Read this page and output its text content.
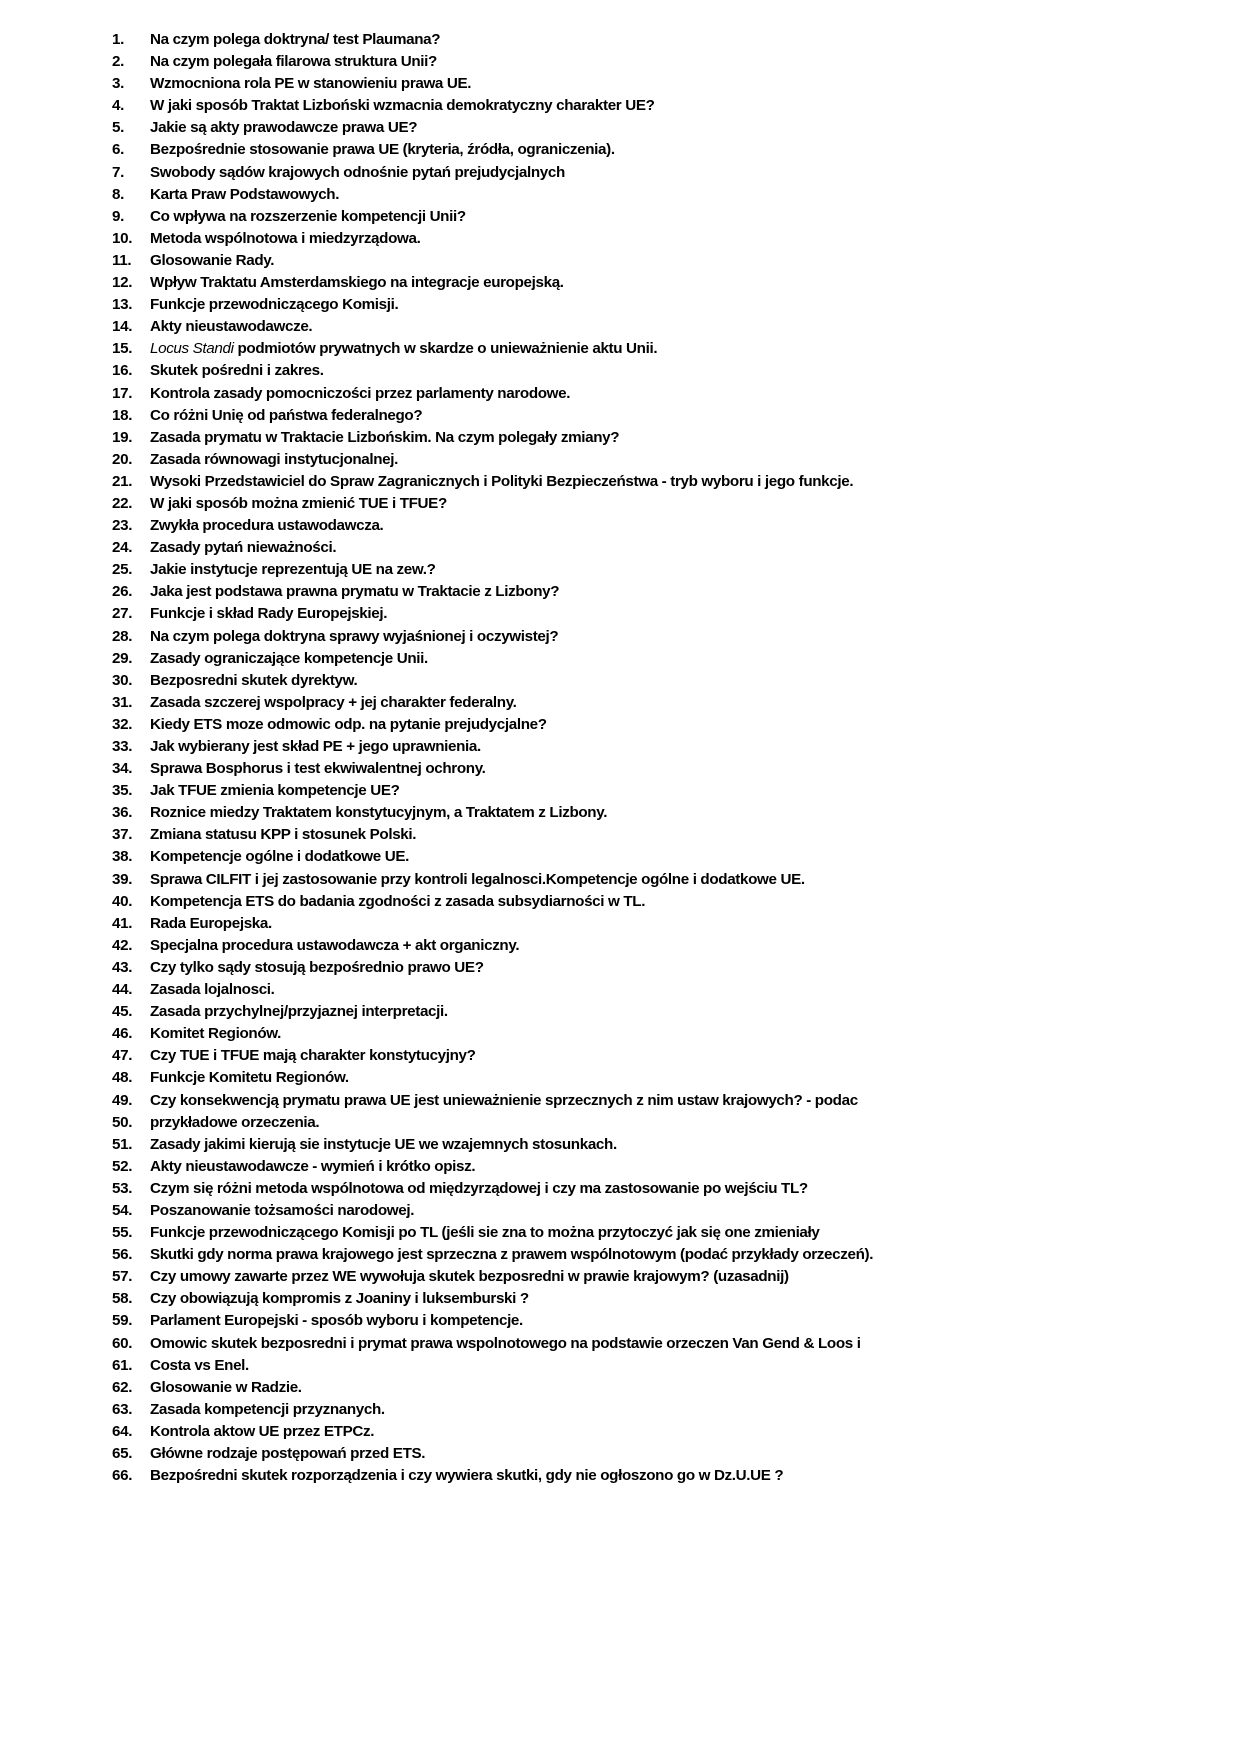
1.	Na czym polega doktryna/ test Plaumana?
2.	Na czym polegała filarowa struktura Unii?
3.	Wzmocniona rola PE w stanowieniu prawa UE.
4.	W jaki sposób Traktat Lizboński wzmacnia demokratyczny charakter UE?
5.	Jakie są akty prawodawcze prawa UE?
6.	Bezpośrednie stosowanie prawa UE (kryteria, źródła, ograniczenia).
7.	Swobody sądów krajowych odnośnie pytań prejudycjalnych
8.	Karta Praw Podstawowych.
9.	Co wpływa na rozszerzenie kompetencji Unii?
10.	Metoda wspólnotowa i miedzyrządowa.
11.	Glosowanie Rady.
12.	Wpływ Traktatu Amsterdamskiego na integracje europejską.
13.	Funkcje przewodniczącego Komisji.
14.	Akty nieustawodawcze.
15.	Locus Standi podmiotów prywatnych w skardze o unieważnienie aktu Unii.
16.	Skutek pośredni i zakres.
17.	Kontrola zasady pomocniczości przez parlamenty narodowe.
18.	Co różni Unię od państwa federalnego?
19.	Zasada prymatu w Traktacie Lizbońskim. Na czym polegały zmiany?
20.	Zasada równowagi instytucjonalnej.
21.	Wysoki Przedstawiciel do Spraw Zagranicznych i Polityki Bezpieczeństwa - tryb wyboru i jego funkcje.
22.	W jaki sposób można zmienić TUE i TFUE?
23.	Zwykła procedura ustawodawcza.
24.	Zasady pytań nieważności.
25.	Jakie instytucje reprezentują UE na zew.?
26.	Jaka jest podstawa prawna prymatu w Traktacie z Lizbony?
27.	Funkcje i skład Rady Europejskiej.
28.	Na czym polega doktryna sprawy wyjaśnionej i oczywistej?
29.	Zasady ograniczające kompetencje Unii.
30.	Bezposredni skutek dyrektyw.
31.	Zasada szczerej wspolpracy + jej charakter federalny.
32.	Kiedy ETS moze odmowic odp. na pytanie prejudycjalne?
33.	Jak wybierany jest skład PE + jego uprawnienia.
34.	Sprawa Bosphorus i test ekwiwalentnej ochrony.
35.	Jak TFUE zmienia kompetencje UE?
36.	Roznice miedzy Traktatem konstytucyjnym, a Traktatem z Lizbony.
37.	Zmiana statusu KPP i stosunek Polski.
38.	Kompetencje ogólne i dodatkowe UE.
39.	Sprawa CILFIT i jej zastosowanie przy kontroli legalnosci.Kompetencje ogólne i dodatkowe UE.
40.	Kompetencja ETS do badania zgodności z zasada subsydiarności w TL.
41.	Rada Europejska.
42.	Specjalna procedura ustawodawcza + akt organiczny.
43.	Czy tylko sądy stosują bezpośrednio prawo UE?
44.	Zasada lojalnosci.
45.	Zasada przychylnej/przyjaznej interpretacji.
46.	Komitet Regionów.
47.	Czy TUE i TFUE mają charakter konstytucyjny?
48.	Funkcje Komitetu Regionów.
49.	Czy konsekwencją prymatu prawa UE jest unieważnienie sprzecznych z nim ustaw krajowych? - podac
50.	przykładowe orzeczenia.
51.	Zasady jakimi kierują sie instytucje UE we wzajemnych stosunkach.
52.	Akty nieustawodawcze - wymień i krótko opisz.
53.	Czym się różni metoda wspólnotowa od międzyrządowej i czy ma zastosowanie po wejściu TL?
54.	Poszanowanie tożsamości narodowej.
55.	Funkcje przewodniczącego Komisji po TL (jeśli sie zna to można przytoczyć jak się one zmieniały
56.	Skutki gdy norma prawa krajowego jest sprzeczna z prawem wspólnotowym (podać przykłady orzeczeń).
57.	Czy umowy zawarte przez WE wywołuja skutek bezposredni w prawie krajowym? (uzasadnij)
58.	Czy obowiązują kompromis z Joaniny i luksemburski ?
59.	Parlament Europejski - sposób wyboru i kompetencje.
60.	Omowic skutek bezposredni i prymat prawa wspolnotowego na podstawie orzeczen Van Gend & Loos i
61.	Costa vs Enel.
62.	Glosowanie w Radzie.
63.	Zasada kompetencji przyznanych.
64.	Kontrola aktow UE przez ETPCz.
65.	Główne rodzaje postępowań przed ETS.
66.	Bezpośredni skutek rozporządzenia i czy wywiera skutki, gdy nie ogłoszono go w Dz.U.UE ?
